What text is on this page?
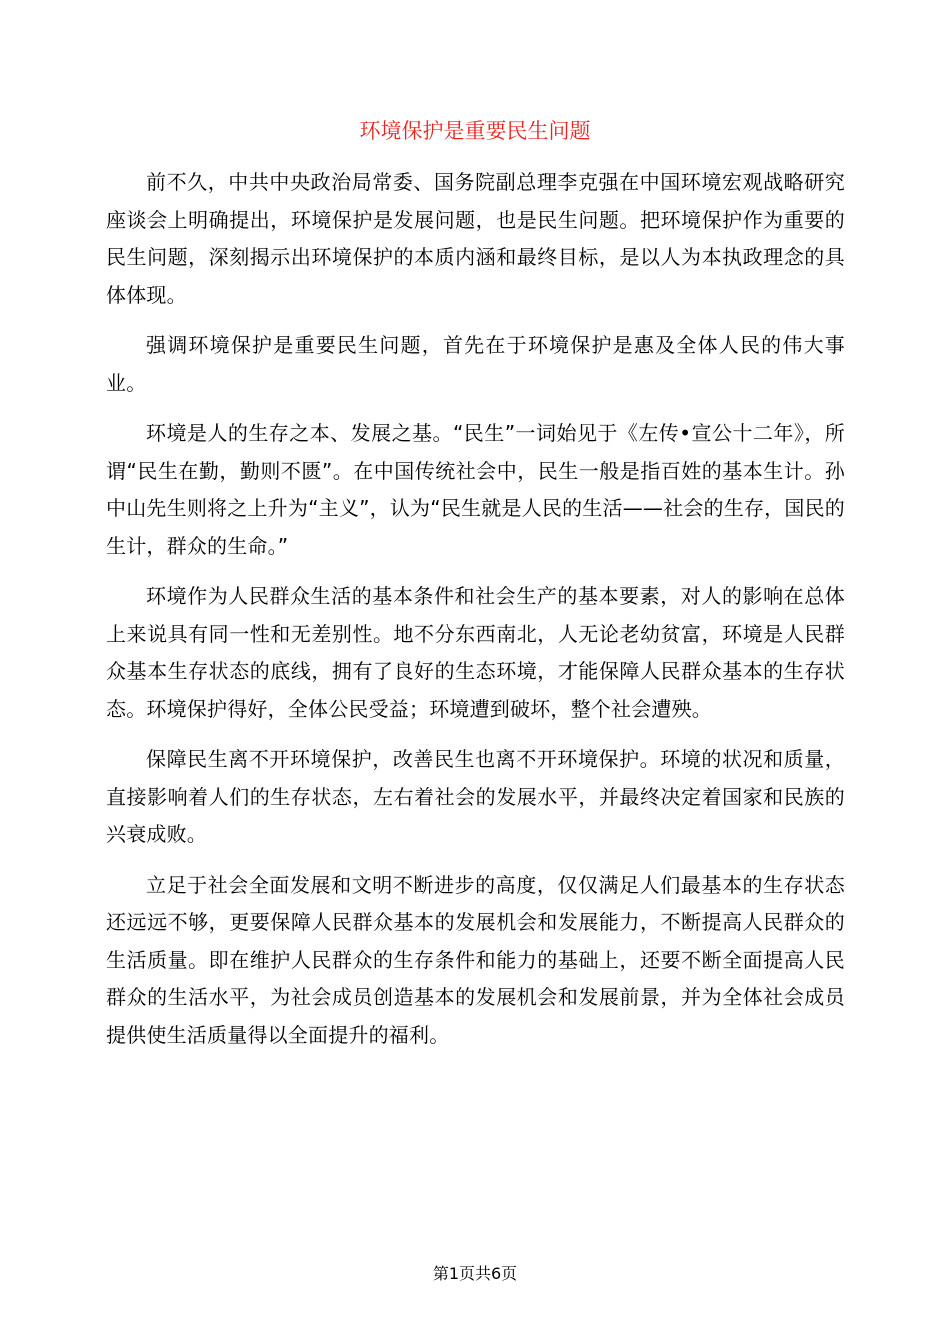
环境保护是重要民生问题

前不久，中共中央政治局常委、国务院副总理李克强在中国环境宏观战略研究座谈会上明确提出，环境保护是发展问题，也是民生问题。把环境保护作为重要的民生问题，深刻揭示出环境保护的本质内涵和最终目标，是以人为本执政理念的具体体现。

强调环境保护是重要民生问题，首先在于环境保护是惠及全体人民的伟大事业。

环境是人的生存之本、发展之基。“民生”一词始见于《左传•宣公十二年》，所谓“民生在勤，勤则不匮”。在中国传统社会中，民生一般是指百姓的基本生计。孙中山先生则将之上升为“主义”，认为“民生就是人民的生活——社会的生存，国民的生计，群众的生命。”

环境作为人民群众生活的基本条件和社会生产的基本要素，对人的影响在总体上来说具有同一性和无差别性。地不分东西南北，人无论老幼贫富，环境是人民群众基本生存状态的底线，拥有了良好的生态环境，才能保障人民群众基本的生存状态。环境保护得好，全体公民受益；环境遭到破坏，整个社会遭殃。

保障民生离不开环境保护，改善民生也离不开环境保护。环境的状况和质量，直接影响着人们的生存状态，左右着社会的发展水平，并最终决定着国家和民族的兴衰成败。

立足于社会全面发展和文明不断进步的高度，仅仅满足人们最基本的生存状态还远远不够，更要保障人民群众基本的发展机会和发展能力，不断提高人民群众的生活质量。即在维护人民群众的生存条件和能力的基础上，还要不断全面提高人民群众的生活水平，为社会成员创造基本的发展机会和发展前景，并为全体社会成员提供使生活质量得以全面提升的福利。

第1页共6页
